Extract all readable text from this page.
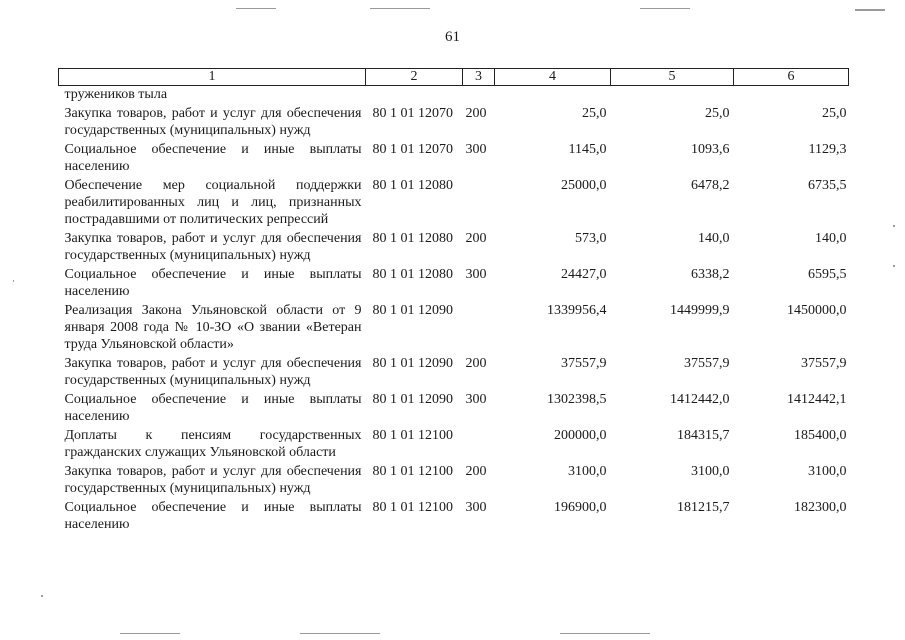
61
1	2	3	4	5	6
тружеников тыла					
Закупка товаров, работ и услуг для обеспечения государственных (муниципальных) нужд	80 1 01 12070	200	25,0	25,0	25,0
Социальное обеспечение и иные выплаты населению	80 1 01 12070	300	1145,0	1093,6	1129,3
Обеспечение мер социальной поддержки реабилитированных лиц и лиц, признанных пострадавшими от политических репрессий	80 1 01 12080		25000,0	6478,2	6735,5
Закупка товаров, работ и услуг для обеспечения государственных (муниципальных) нужд	80 1 01 12080	200	573,0	140,0	140,0
Социальное обеспечение и иные выплаты населению	80 1 01 12080	300	24427,0	6338,2	6595,5
Реализация Закона Ульяновской области от 9 января 2008 года № 10-ЗО «О звании «Ветеран труда Ульяновской области»	80 1 01 12090		1339956,4	1449999,9	1450000,0
Закупка товаров, работ и услуг для обеспечения государственных (муниципальных) нужд	80 1 01 12090	200	37557,9	37557,9	37557,9
Социальное обеспечение и иные выплаты населению	80 1 01 12090	300	1302398,5	1412442,0	1412442,1
Доплаты к пенсиям государственных гражданских служащих Ульяновской области	80 1 01 12100		200000,0	184315,7	185400,0
Закупка товаров, работ и услуг для обеспечения государственных (муниципальных) нужд	80 1 01 12100	200	3100,0	3100,0	3100,0
Социальное обеспечение и иные выплаты населению	80 1 01 12100	300	196900,0	181215,7	182300,0
